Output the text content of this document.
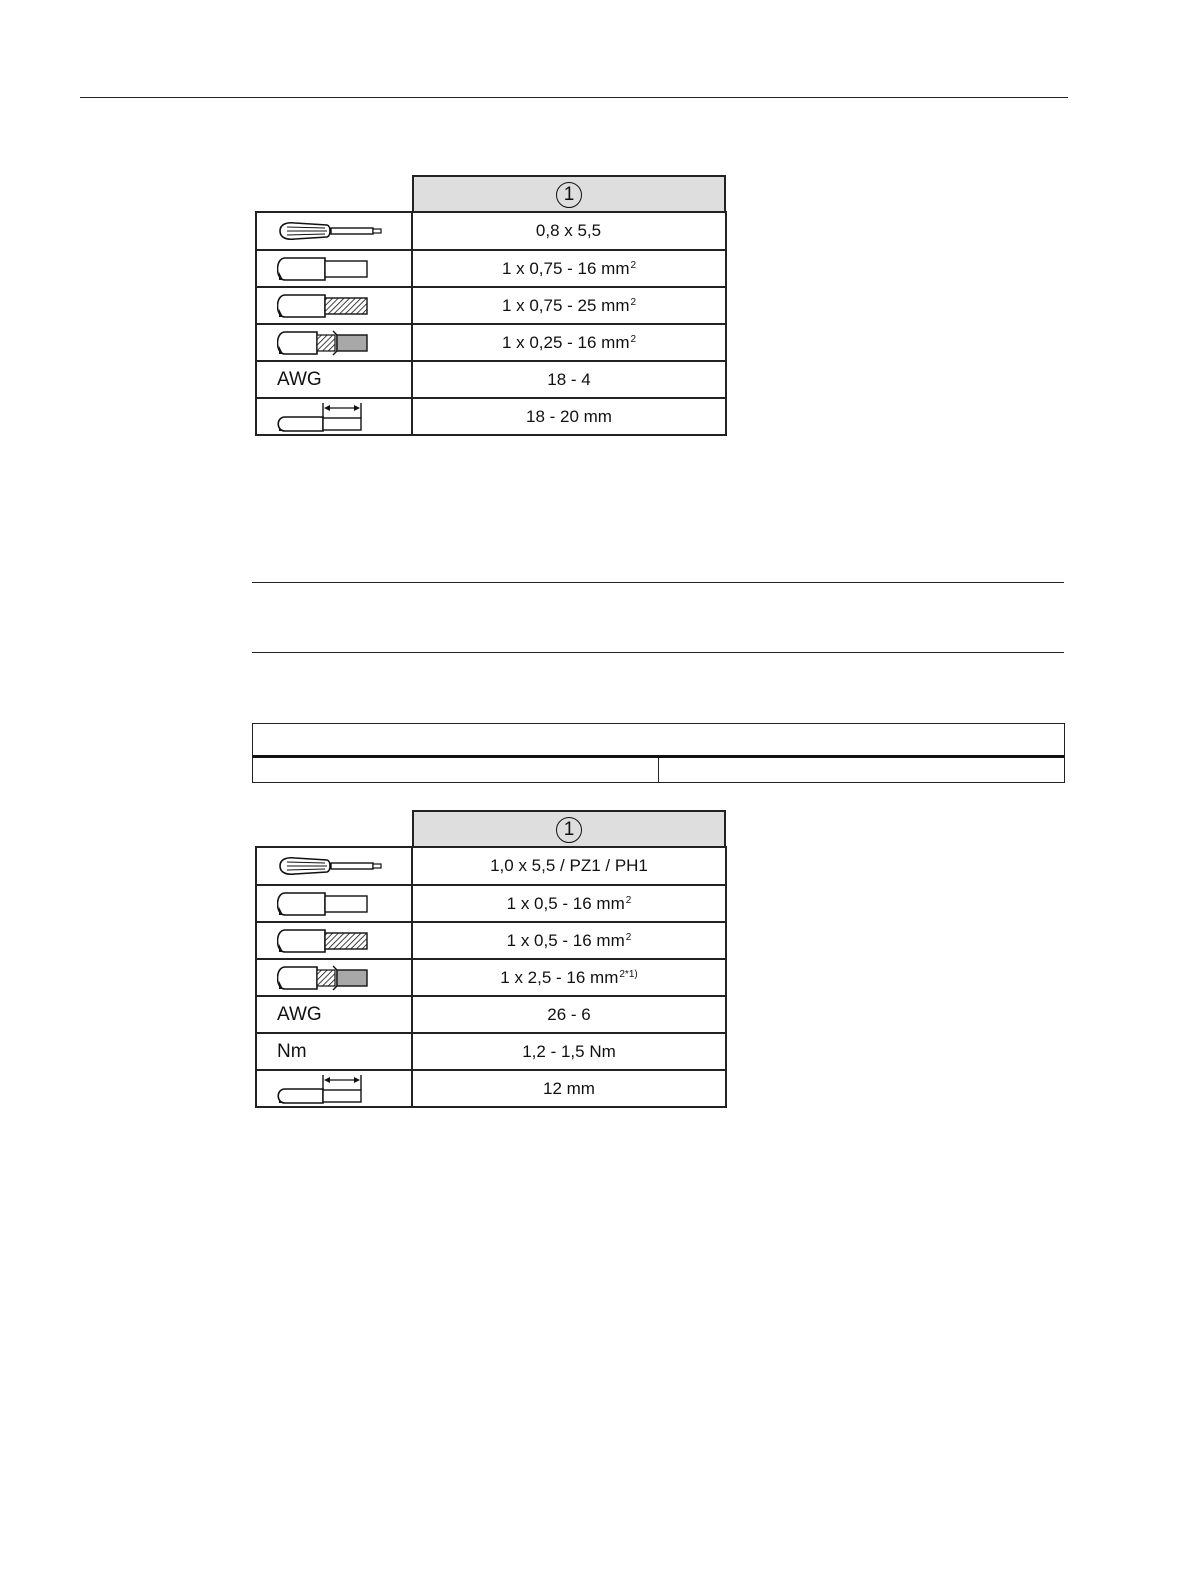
1
0,8 x 5,5
1 x 0,75 - 16 $mm^2$
1 x 0,75 - 25 $mm^2$
1 x 0,25 - 16 $mm^2$
AWG	18 - 4
18 - 20 mm
1
1,0 x 5,5 / PZ1 / PH1
1 x 0,5 - 16 $mm^2$
1 x 0,5 - 16 $mm^2$
1 x 2,5 - 16 $mm^{2*1)}$
AWG	26 - 6
Nm	1,2 - 1,5 Nm
12 mm
